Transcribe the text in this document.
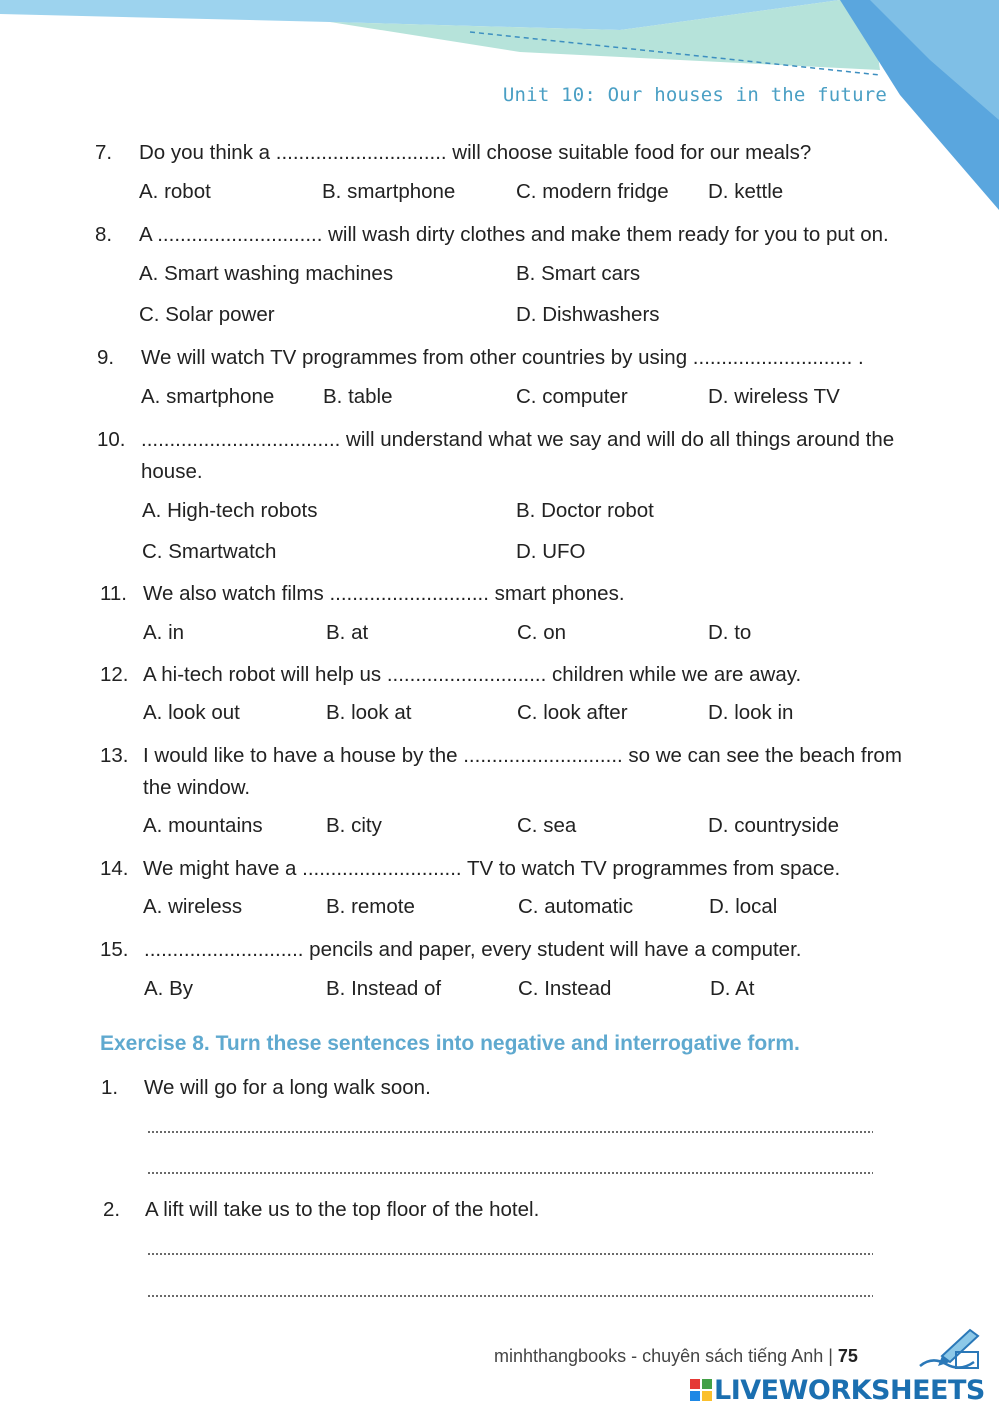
Unit 10: Our houses in the future
7. Do you think a .............................. will choose suitable food for our meals?
A. robot	B. smartphone	C. modern fridge D. kettle
8. A ............................. will wash dirty clothes and make them ready for you to put on.
A. Smart washing machines	B. Smart cars
C. Solar power	D. Dishwashers
9. We will watch TV programmes from other countries by using ............................ .
A. smartphone B. table	C. computer	D. wireless TV
10. ................................... will understand what we say and will do all things around the house.
A. High-tech robots	B. Doctor robot
C. Smartwatch	D. UFO
11. We also watch films ............................ smart phones.
A. in	B. at	C. on	D. to
12. A hi-tech robot will help us ............................ children while we are away.
A. look out	B. look at	C. look after	D. look in
13. I would like to have a house by the ............................ so we can see the beach from the window.
A. mountains	B. city	C. sea	D. countryside
14. We might have a ............................ TV to watch TV programmes from space.
A. wireless	B. remote	C. automatic	D. local
15. ............................ pencils and paper, every student will have a computer.
A. By	B. Instead of	C. Instead	D. At
Exercise 8. Turn these sentences into negative and interrogative form.
1. We will go for a long walk soon.
2. A lift will take us to the top floor of the hotel.
minhthangbooks - chuyên sách tiếng Anh | 75
LIVEWORKSHEETS
